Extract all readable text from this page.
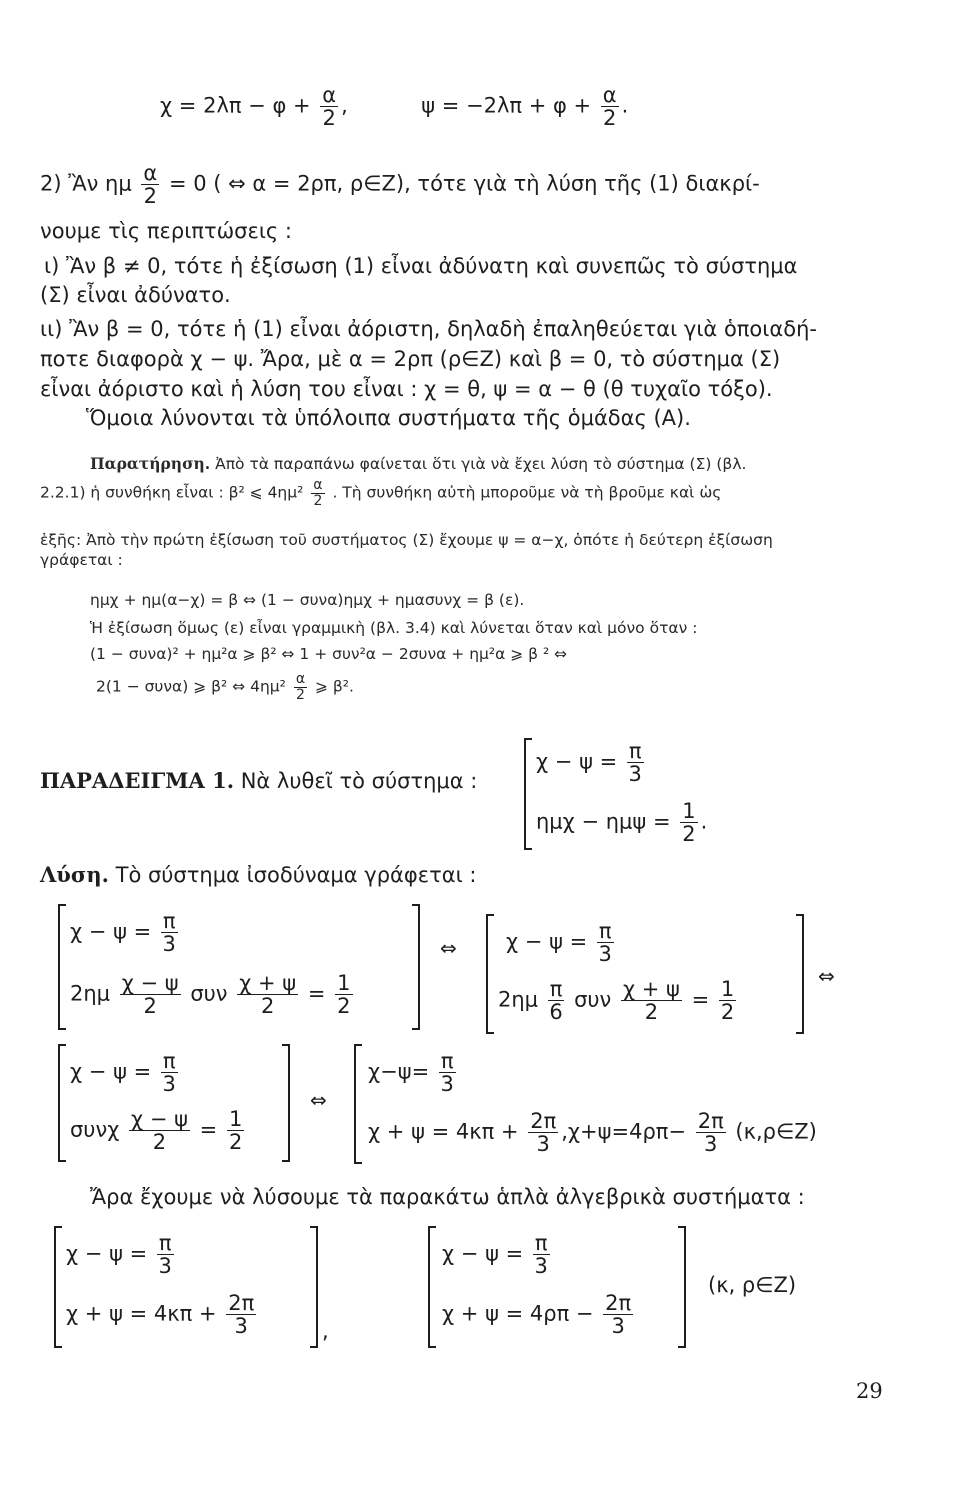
$\chi = 2\lambda\pi - \varphi + \frac{\alpha}{2}$ ,	$\psi = -2\lambda\pi + \varphi + \frac{\alpha}{2}$ .
2) Ἂν ημ $\frac{\alpha}{2} = 0$ ( ⇔ α = 2ρπ, ρ∈Z), τότε γιὰ τὴ λύση τῆς (1) διακρί-
νουμε τὶς περιπτώσεις :
ι) Ἂν β ≠ 0, τότε ἡ ἐξίσωση (1) εἶναι ἀδύνατη καὶ συνεπῶς τὸ σύστημα
(Σ) εἶναι ἀδύνατο.
ιι) Ἂν β = 0, τότε ἡ (1) εἶναι ἀόριστη, δηλαδὴ ἐπαληθεύεται γιὰ ὁποιαδή-
ποτε διαφορὰ χ − ψ. Ἄρα, μὲ α = 2ρπ (ρ∈Z) καὶ β = 0, τὸ σύστημα (Σ)
εἶναι ἀόριστο καὶ ἡ λύση του εἶναι : χ = θ, ψ = α − θ (θ τυχαῖο τόξο).
Ὅμοια λύνονται τὰ ὑπόλοιπα συστήματα τῆς ὁμάδας (Α).
Παρατήρηση. Ἀπὸ τὰ παραπάνω φαίνεται ὅτι γιὰ νὰ ἔχει λύση τὸ σύστημα (Σ) (βλ.
2.2.1) ἡ συνθήκη εἶναι : β² ⩽ $4\eta\mu^2 \frac{\alpha}{2}$ . Τὴ συνθήκη αὐτὴ μποροῦμε νὰ τὴ βροῦμε καὶ ὡς
ἑξῆς: Ἀπὸ τὴν πρώτη ἐξίσωση τοῦ συστήματος (Σ) ἔχουμε ψ = α−χ, ὁπότε ἡ δεύτερη ἐξίσωση
γράφεται :
ημχ + ημ(α−χ) = β ⇔ (1 − συνα)ημχ + ημασυνχ = β (ε).
Ἡ ἐξίσωση ὅμως (ε) εἶναι γραμμικὴ (βλ. 3.4) καὶ λύνεται ὅταν καὶ μόνο ὅταν :
(1 − συνα)² + ημ²α ⩾ β² ⇔ 1 + συν²α − 2συνα + ημ²α ⩾ β ² ⇔
2(1 − συνα) ⩾ β² ⇔ $4\eta\mu^2 \frac{\alpha}{2}$ ⩾ β².
ΠΑΡΑΔΕΙΓΜΑ 1. Νὰ λυθεῖ τὸ σύστημα :
$\chi - \psi = \frac{\pi}{3}$
$\eta\mu\chi - \eta\mu\psi = \frac{1}{2}$ .
Λύση. Τὸ σύστημα ἰσοδύναμα γράφεται :
$\chi - \psi = \frac{\pi}{3}$
$2\eta\mu \frac{\chi - \psi}{2}$ συν $\frac{\chi + \psi}{2} = \frac{1}{2}$
⇔ $\chi - \psi = \frac{\pi}{3}$
$2\eta\mu \frac{\pi}{6}$ συν $\frac{\chi + \psi}{2} = \frac{1}{2}$
⇔
$\chi - \psi = \frac{\pi}{3}$
συνχ $\frac{\chi - \psi}{2} = \frac{1}{2}$
⇔
$\chi-\psi= \frac{\pi}{3}$
$\chi + \psi = 4\kappa\pi + \frac{2\pi}{3} ,\chi+\psi=4\rho\pi- \frac{2\pi}{3}$ (κ,ρ∈Z)
Ἄρα ἔχουμε νὰ λύσουμε τὰ παρακάτω ἁπλὰ ἀλγεβρικὰ συστήματα :
$\chi - \psi = \frac{\pi}{3}$
$\chi + \psi = 4\kappa\pi + \frac{2\pi}{3}$	,
$\chi - \psi = \frac{\pi}{3}$
$\chi + \psi = 4\rho\pi - \frac{2\pi}{3}$
(κ, ρ∈Z)
29
